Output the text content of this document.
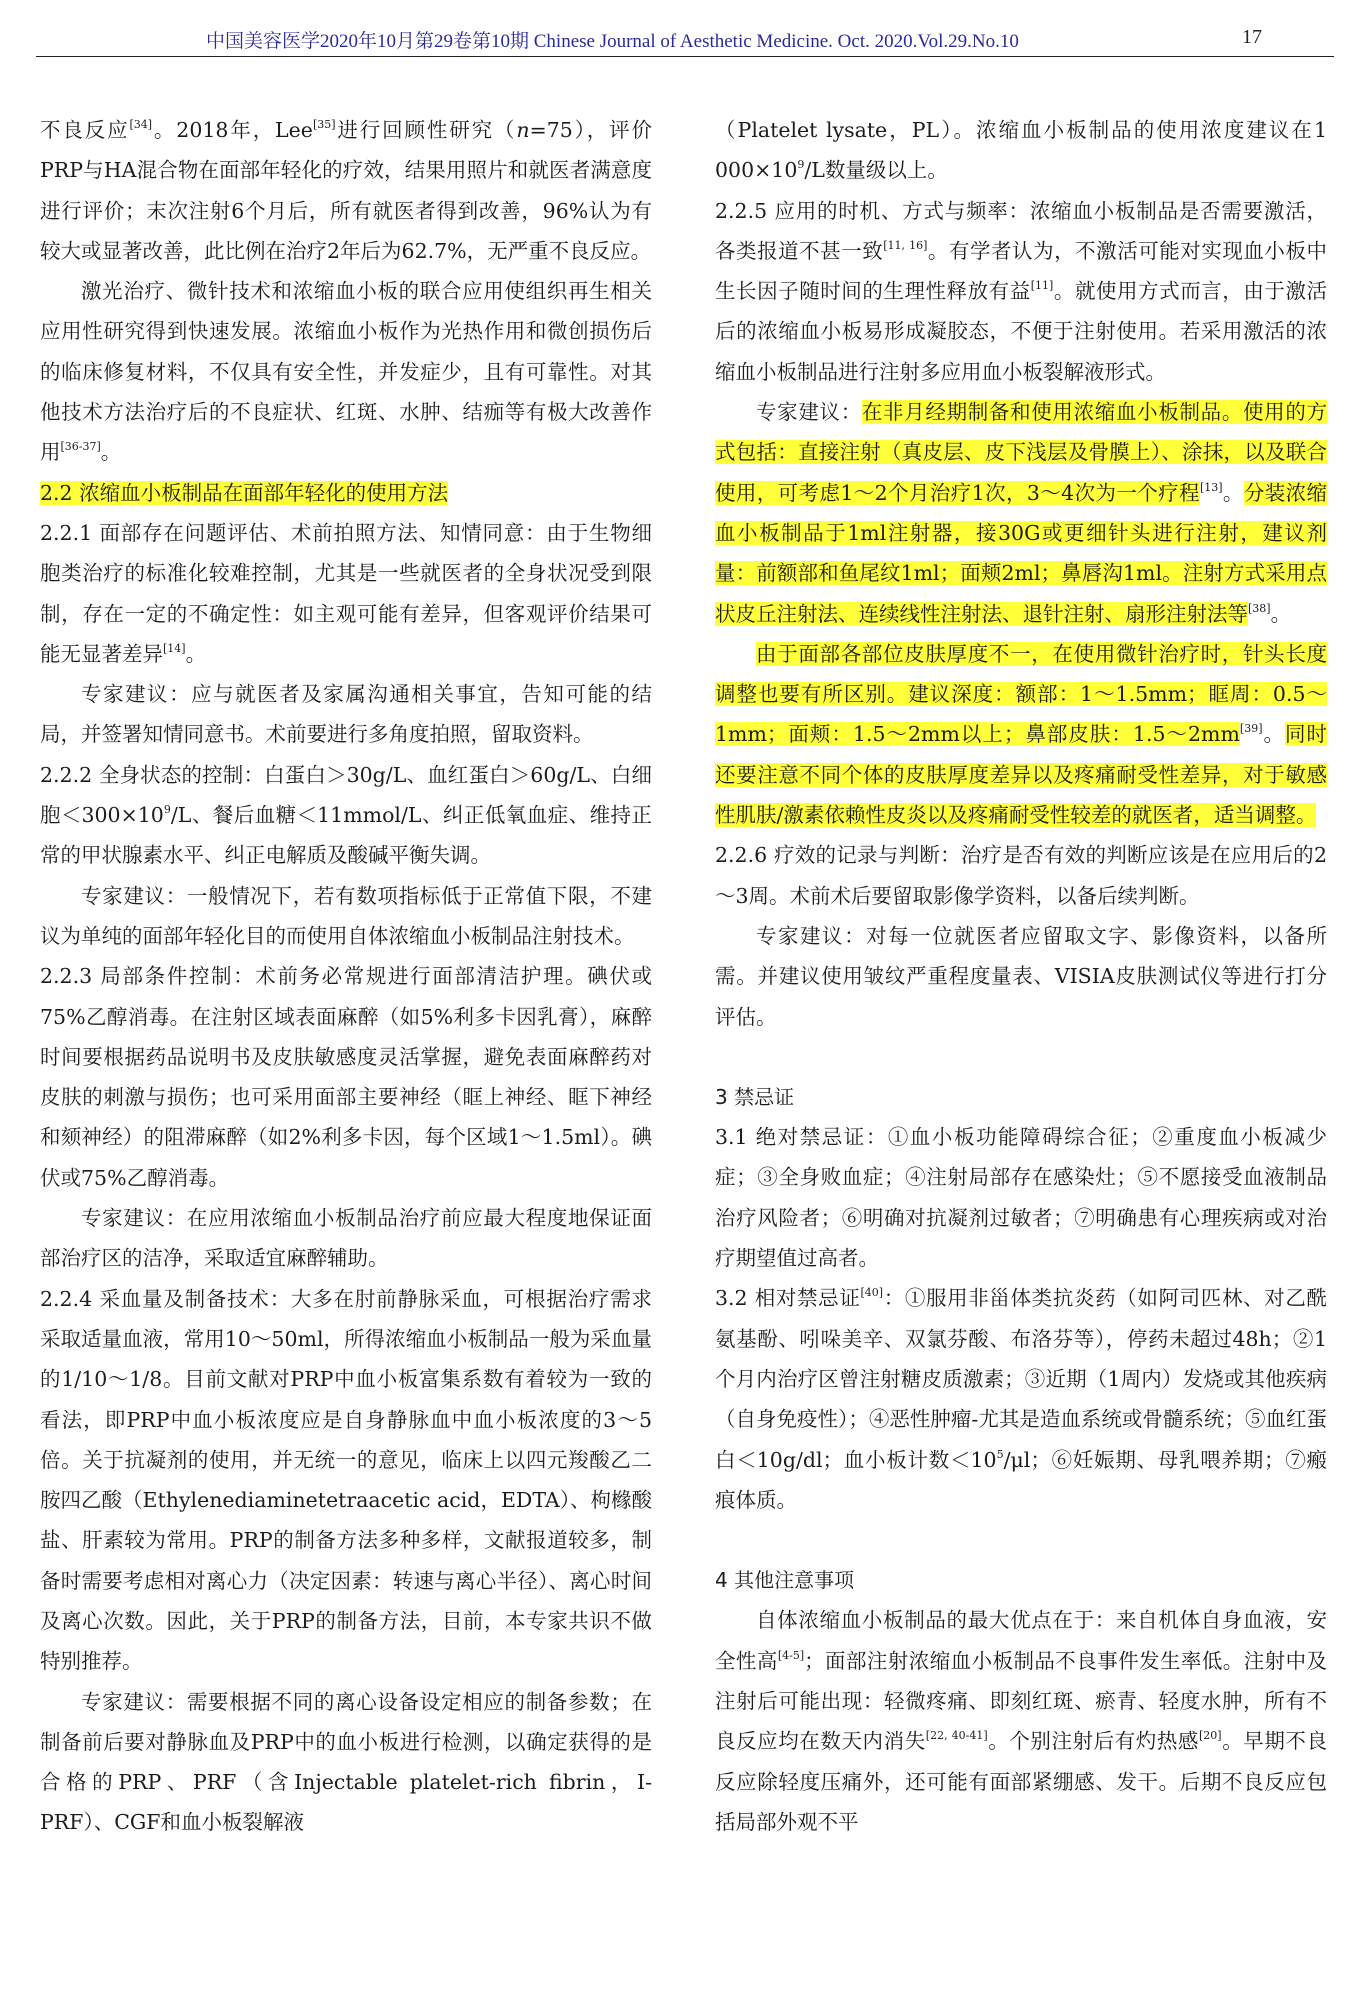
中国美容医学2020年10月第29卷第10期 Chinese Journal of Aesthetic Medicine. Oct. 2020.Vol.29.No.10	17

不良反应[34]。2018年，Lee[35]进行回顾性研究（n=75），评价PRP与HA混合物在面部年轻化的疗效，结果用照片和就医者满意度进行评价；末次注射6个月后，所有就医者得到改善，96%认为有较大或显著改善，此比例在治疗2年后为62.7%，无严重不良反应。

激光治疗、微针技术和浓缩血小板的联合应用使组织再生相关应用性研究得到快速发展。浓缩血小板作为光热作用和微创损伤后的临床修复材料，不仅具有安全性，并发症少，且有可靠性。对其他技术方法治疗后的不良症状、红斑、水肿、结痂等有极大改善作用[36-37]。

2.2 浓缩血小板制品在面部年轻化的使用方法

2.2.1 面部存在问题评估、术前拍照方法、知情同意：由于生物细胞类治疗的标准化较难控制，尤其是一些就医者的全身状况受到限制，存在一定的不确定性：如主观可能有差异，但客观评价结果可能无显著差异[14]。

专家建议：应与就医者及家属沟通相关事宜，告知可能的结局，并签署知情同意书。术前要进行多角度拍照，留取资料。

2.2.2 全身状态的控制：白蛋白＞30g/L、血红蛋白＞60g/L、白细胞$<300\times 10^9/L$、餐后血糖＜11mmol/L、纠正低氧血症、维持正常的甲状腺素水平、纠正电解质及酸碱平衡失调。

专家建议：一般情况下，若有数项指标低于正常值下限，不建议为单纯的面部年轻化目的而使用自体浓缩血小板制品注射技术。

2.2.3 局部条件控制：术前务必常规进行面部清洁护理。碘伏或75%乙醇消毒。在注射区域表面麻醉（如5%利多卡因乳膏），麻醉时间要根据药品说明书及皮肤敏感度灵活掌握，避免表面麻醉药对皮肤的刺激与损伤；也可采用面部主要神经（眶上神经、眶下神经和颏神经）的阻滞麻醉（如2%利多卡因，每个区域1～1.5ml）。碘伏或75%乙醇消毒。

专家建议：在应用浓缩血小板制品治疗前应最大程度地保证面部治疗区的洁净，采取适宜麻醉辅助。

2.2.4 采血量及制备技术：大多在肘前静脉采血，可根据治疗需求采取适量血液，常用10～50ml，所得浓缩血小板制品一般为采血量的1/10～1/8。目前文献对PRP中血小板富集系数有着较为一致的看法，即PRP中血小板浓度应是自身静脉血中血小板浓度的3～5倍。关于抗凝剂的使用，并无统一的意见，临床上以四元羧酸乙二胺四乙酸（Ethylenediaminetetraacetic acid，EDTA）、枸橼酸盐、肝素较为常用。PRP的制备方法多种多样，文献报道较多，制备时需要考虑相对离心力（决定因素：转速与离心半径）、离心时间及离心次数。因此，关于PRP的制备方法，目前，本专家共识不做特别推荐。

专家建议：需要根据不同的离心设备设定相应的制备参数；在制备前后要对静脉血及PRP中的血小板进行检测，以确定获得的是合格的PRP、PRF（含Injectable platelet-rich fibrin，I-PRF）、CGF和血小板裂解液

（Platelet lysate，PL）。浓缩血小板制品的使用浓度建议在1 $000\times 10^9/L$数量级以上。

2.2.5 应用的时机、方式与频率：浓缩血小板制品是否需要激活，各类报道不甚一致[11, 16]。有学者认为，不激活可能对实现血小板中生长因子随时间的生理性释放有益[11]。就使用方式而言，由于激活后的浓缩血小板易形成凝胶态，不便于注射使用。若采用激活的浓缩血小板制品进行注射多应用血小板裂解液形式。

专家建议：在非月经期制备和使用浓缩血小板制品。使用的方式包括：直接注射（真皮层、皮下浅层及骨膜上）、涂抹，以及联合使用，可考虑1～2个月治疗1次，3～4次为一个疗程[13]。分装浓缩血小板制品于1ml注射器，接30G或更细针头进行注射，建议剂量：前额部和鱼尾纹1ml；面颊2ml；鼻唇沟1ml。注射方式采用点状皮丘注射法、连续线性注射法、退针注射、扇形注射法等[38]。

由于面部各部位皮肤厚度不一，在使用微针治疗时，针头长度调整也要有所区别。建议深度：额部：1～1.5mm；眶周：0.5～1mm；面颊：1.5～2mm以上；鼻部皮肤：1.5～2mm[39]。同时还要注意不同个体的皮肤厚度差异以及疼痛耐受性差异，对于敏感性肌肤/激素依赖性皮炎以及疼痛耐受性较差的就医者，适当调整。

2.2.6 疗效的记录与判断：治疗是否有效的判断应该是在应用后的2～3周。术前术后要留取影像学资料，以备后续判断。

专家建议：对每一位就医者应留取文字、影像资料，以备所需。并建议使用皱纹严重程度量表、VISIA皮肤测试仪等进行打分评估。

3 禁忌证

3.1 绝对禁忌证：①血小板功能障碍综合征；②重度血小板减少症；③全身败血症；④注射局部存在感染灶；⑤不愿接受血液制品治疗风险者；⑥明确对抗凝剂过敏者；⑦明确患有心理疾病或对治疗期望值过高者。

3.2 相对禁忌证[40]：①服用非甾体类抗炎药（如阿司匹林、对乙酰氨基酚、吲哚美辛、双氯芬酸、布洛芬等），停药未超过48h；②1个月内治疗区曾注射糖皮质激素；③近期（1周内）发烧或其他疾病（自身免疫性）；④恶性肿瘤-尤其是造血系统或骨髓系统；⑤血红蛋白＜10g/dl；血小板计数$<10^5/\mu l$；⑥妊娠期、母乳喂养期；⑦瘢痕体质。

4 其他注意事项

自体浓缩血小板制品的最大优点在于：来自机体自身血液，安全性高[4-5]；面部注射浓缩血小板制品不良事件发生率低。注射中及注射后可能出现：轻微疼痛、即刻红斑、瘀青、轻度水肿，所有不良反应均在数天内消失[22, 40-41]。个别注射后有灼热感[20]。早期不良反应除轻度压痛外，还可能有面部紧绷感、发干。后期不良反应包括局部外观不平
